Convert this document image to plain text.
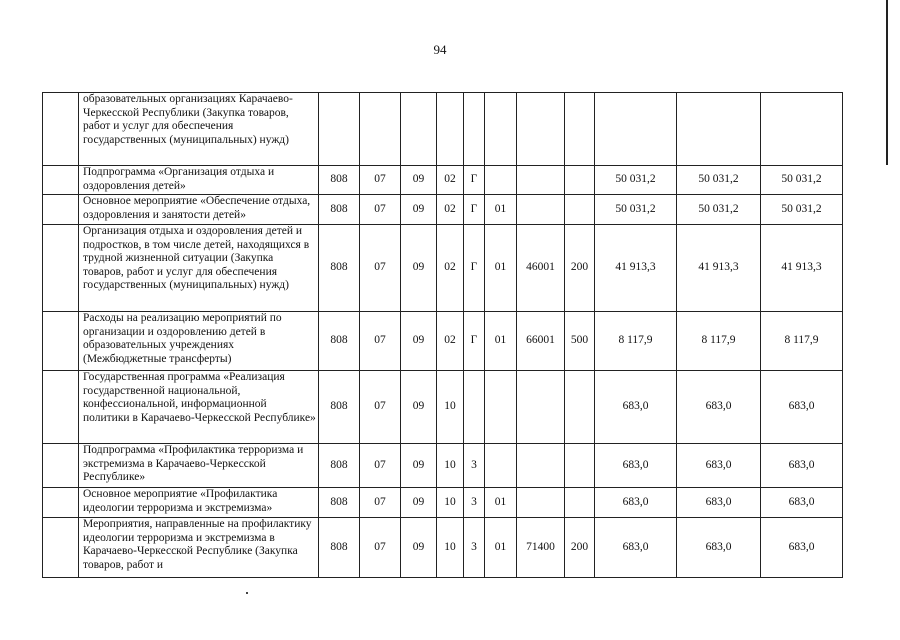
94
	образовательных организациях Карачаево-Черкесской Республики (Закупка товаров, работ и услуг для обеспечения государственных (муниципальных) нужд)											
	Подпрограмма «Организация отдыха и оздоровления детей»	808	07	09	02	Г				50 031,2	50 031,2	50 031,2
	Основное мероприятие «Обеспечение отдыха, оздоровления и занятости детей»	808	07	09	02	Г	01			50 031,2	50 031,2	50 031,2
	Организация отдыха и оздоровления детей и подростков, в том числе детей, находящихся в трудной жизненной ситуации (Закупка товаров, работ и услуг для обеспечения государственных (муниципальных) нужд)	808	07	09	02	Г	01	46001	200	41 913,3	41 913,3	41 913,3
	Расходы на реализацию мероприятий по организации и оздоровлению детей в образовательных учреждениях (Межбюджетные трансферты)	808	07	09	02	Г	01	66001	500	8 117,9	8 117,9	8 117,9
	Государственная программа «Реализация государственной национальной, конфессиональной, информационной политики в Карачаево-Черкесской Республике»	808	07	09	10					683,0	683,0	683,0
	Подпрограмма «Профилактика терроризма и экстремизма в Карачаево-Черкесской Республике»	808	07	09	10	3				683,0	683,0	683,0
	Основное мероприятие «Профилактика идеологии терроризма и экстремизма»	808	07	09	10	3	01			683,0	683,0	683,0
	Мероприятия, направленные на профилактику идеологии терроризма и экстремизма в Карачаево-Черкесской Республике (Закупка товаров, работ и	808	07	09	10	3	01	71400	200	683,0	683,0	683,0
